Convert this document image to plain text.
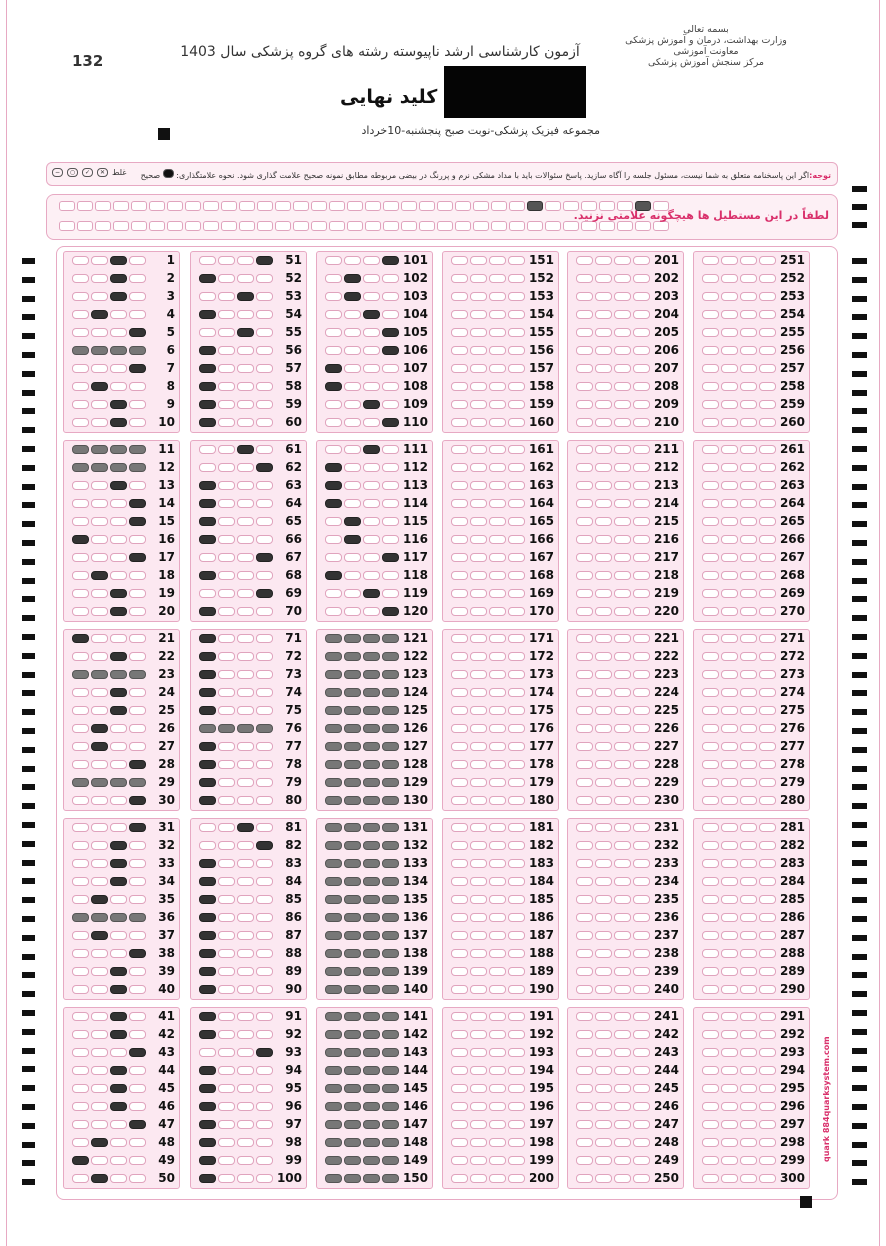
132	آزمون کارشناسی ارشد ناپیوسته رشته های گروه پزشکی سال 1403
کلید نهایی
بسمه تعالی
وزارت بهداشت، درمان و آموزش پزشکی
معاونت آموزشی
مرکز سنجش آموزش پزشکی
مجموعه فیزیک پزشکی-نوبت صبح پنجشنبه-10خرداد
توجه:اگر این پاسخنامه متعلق به شما نیست، مسئول جلسه را آگاه سازید. پاسخ سئوالات باید با مداد مشکی نرم و پررنگ در بیضی مربوطه مطابق نمونه صحیح علامت گذاری شود. نحوه علامتگذاری:  صحیح
غلط
✕
✓
○
−
لطفاً در این مستطیل ها هیچگونه علامتی نزنید.
1
2
3
4
5
6
7
8
9
10
11
12
13
14
15
16
17
18
19
20
21
22
23
24
25
26
27
28
29
30
31
32
33
34
35
36
37
38
39
40
41
42
43
44
45
46
47
48
49
50
51
52
53
54
55
56
57
58
59
60
61
62
63
64
65
66
67
68
69
70
71
72
73
74
75
76
77
78
79
80
81
82
83
84
85
86
87
88
89
90
91
92
93
94
95
96
97
98
99
100
101
102
103
104
105
106
107
108
109
110
111
112
113
114
115
116
117
118
119
120
121
122
123
124
125
126
127
128
129
130
131
132
133
134
135
136
137
138
139
140
141
142
143
144
145
146
147
148
149
150
151
152
153
154
155
156
157
158
159
160
161
162
163
164
165
166
167
168
169
170
171
172
173
174
175
176
177
178
179
180
181
182
183
184
185
186
187
188
189
190
191
192
193
194
195
196
197
198
199
200
201
202
203
204
205
206
207
208
209
210
211
212
213
214
215
216
217
218
219
220
221
222
223
224
225
226
227
228
229
230
231
232
233
234
235
236
237
238
239
240
241
242
243
244
245
246
247
248
249
250
251
252
253
254
255
256
257
258
259
260
261
262
263
264
265
266
267
268
269
270
271
272
273
274
275
276
277
278
279
280
281
282
283
284
285
286
287
288
289
290
291
292
293
294
295
296
297
298
299
300
quark 884quarksystem.com
